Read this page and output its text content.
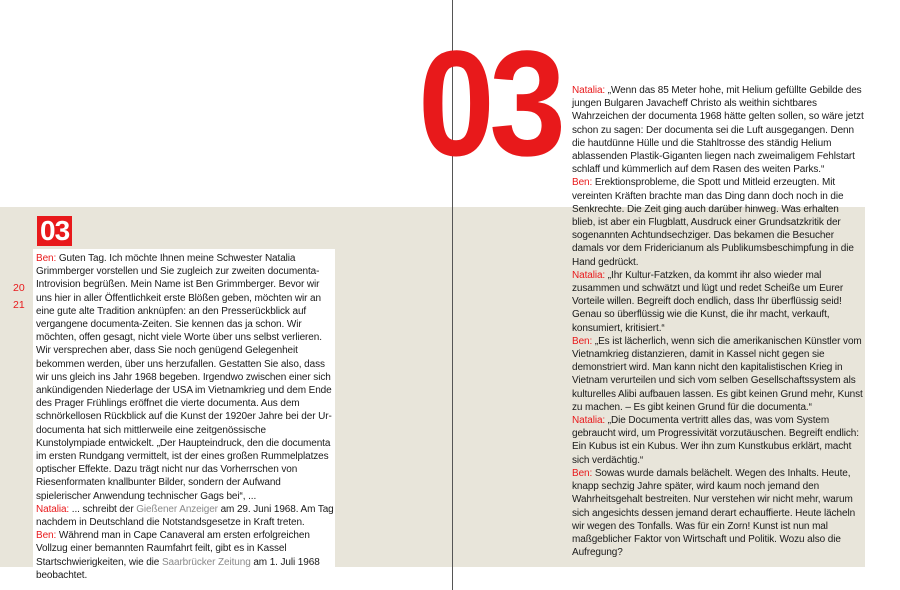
03
03
20
21

Ben: Guten Tag. Ich möchte Ihnen meine Schwester Natalia Grimmberger vorstellen und Sie zugleich zur zweiten documenta-Introvision begrüßen. Mein Name ist Ben Grimmberger. Bevor wir uns hier in aller Öffentlichkeit erste Blößen geben, möchten wir an eine gute alte Tradition anknüpfen: an den Presserückblick auf vergangene documenta-Zeiten. Sie kennen das ja schon. Wir möchten, offen gesagt, nicht viele Worte über uns selbst verlieren. Wir versprechen aber, dass Sie noch genügend Gelegenheit bekommen werden, über uns herzufallen. Gestatten Sie also, dass wir uns gleich ins Jahr 1968 begeben. Irgendwo zwischen einer sich ankündigenden Niederlage der USA im Vietnamkrieg und dem Ende des Prager Frühlings eröffnet die vierte documenta. Aus dem schnörkellosen Rückblick auf die Kunst der 1920er Jahre bei der Ur-documenta hat sich mittlerweile eine zeitgenössische Kunstolympiade entwickelt. „Der Haupteindruck, den die documenta im ersten Rundgang vermittelt, ist der eines großen Rummelplatzes optischer Effekte. Dazu trägt nicht nur das Vorherrschen von Riesenformaten knallbunter Bilder, sondern der Aufwand spielerischer Anwendung technischer Gags bei“, ...

Natalia: ... schreibt der Gießener Anzeiger am 29. Juni 1968. Am Tag nachdem in Deutschland die Notstandsgesetze in Kraft treten.

Ben: Während man in Cape Canaveral am ersten erfolgreichen Vollzug einer bemannten Raumfahrt feilt, gibt es in Kassel Startschwierigkeiten, wie die Saarbrücker Zeitung am 1. Juli 1968 beobachtet.

Natalia: „Wenn das 85 Meter hohe, mit Helium gefüllte Gebilde des jungen Bulgaren Javacheff Christo als weithin sichtbares Wahrzeichen der documenta 1968 hätte gelten sollen, so wäre jetzt schon zu sagen: Der documenta sei die Luft ausgegangen. Denn die hautdünne Hülle und die Stahltrosse des ständig Helium ablassenden Plastik-Giganten liegen nach zweimaligem Fehlstart schlaff und kümmerlich auf dem Rasen des weiten Parks.“

Ben: Erektionsprobleme, die Spott und Mitleid erzeugten. Mit vereinten Kräften brachte man das Ding dann doch noch in die Senkrechte. Die Zeit ging auch darüber hinweg. Was erhalten blieb, ist aber ein Flugblatt, Ausdruck einer Grundsatzkritik der sogenannten Achtundsechziger. Das bekamen die Besucher damals vor dem Fridericianum als Publikumsbeschimpfung in die Hand gedrückt.

Natalia: „Ihr Kultur-Fatzken, da kommt ihr also wieder mal zusammen und schwätzt und lügt und redet Scheiße um Eurer Vorteile willen. Begreift doch endlich, dass Ihr überflüssig seid! Genau so überflüssig wie die Kunst, die ihr macht, verkauft, konsumiert, kritisiert.“

Ben: „Es ist lächerlich, wenn sich die amerikanischen Künstler vom Vietnamkrieg distanzieren, damit in Kassel nicht gegen sie demonstriert wird. Man kann nicht den kapitalistischen Krieg in Vietnam verurteilen und sich vom selben Gesellschaftssystem als kulturelles Alibi aufbauen lassen. Es gibt keinen Grund mehr, Kunst zu machen. – Es gibt keinen Grund für die documenta.“

Natalia: „Die Documenta vertritt alles das, was vom System gebraucht wird, um Progressivität vorzutäuschen. Begreift endlich: Ein Kubus ist ein Kubus. Wer ihn zum Kunstkubus erklärt, macht sich verdächtig.“

Ben: Sowas wurde damals belächelt. Wegen des Inhalts. Heute, knapp sechzig Jahre später, wird kaum noch jemand den Wahrheitsgehalt bestreiten. Nur verstehen wir nicht mehr, warum sich angesichts dessen jemand derart echauffierte. Heute lächeln wir wegen des Tonfalls. Was für ein Zorn! Kunst ist nun mal maßgeblicher Faktor von Wirtschaft und Politik. Wozu also die Aufregung?
